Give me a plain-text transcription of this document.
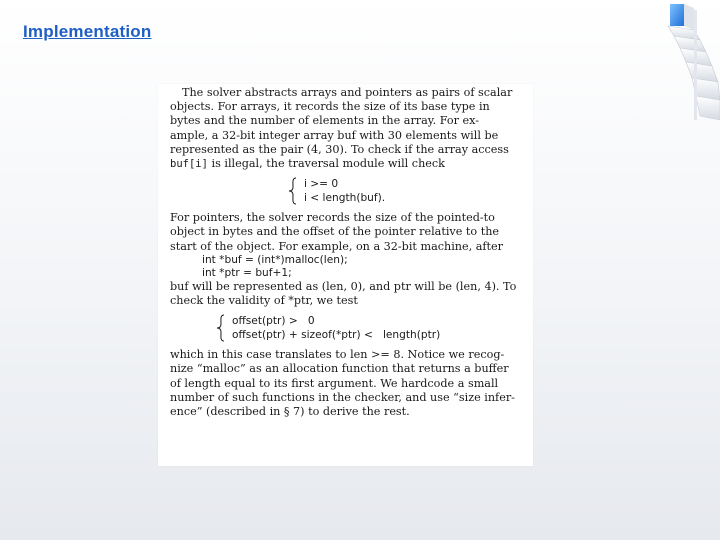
Implementation

The solver abstracts arrays and pointers as pairs of scalar
objects. For arrays, it records the size of its base type in
bytes and the number of elements in the array. For ex-
ample, a 32-bit integer array buf with 30 elements will be
represented as the pair (4, 30). To check if the array access
buf[i] is illegal, the traversal module will check

i >= 0
i < length(buf).

For pointers, the solver records the size of the pointed-to
object in bytes and the offset of the pointer relative to the
start of the object. For example, on a 32-bit machine, after

int *buf = (int*)malloc(len);
int *ptr = buf+1;

buf will be represented as (len, 0), and ptr will be (len, 4). To
check the validity of *ptr, we test

offset(ptr) >   0
offset(ptr) + sizeof(*ptr) <   length(ptr)

which in this case translates to len >= 8. Notice we recog-
nize “malloc” as an allocation function that returns a buffer
of length equal to its first argument. We hardcode a small
number of such functions in the checker, and use “size infer-
ence” (described in § 7) to derive the rest.
